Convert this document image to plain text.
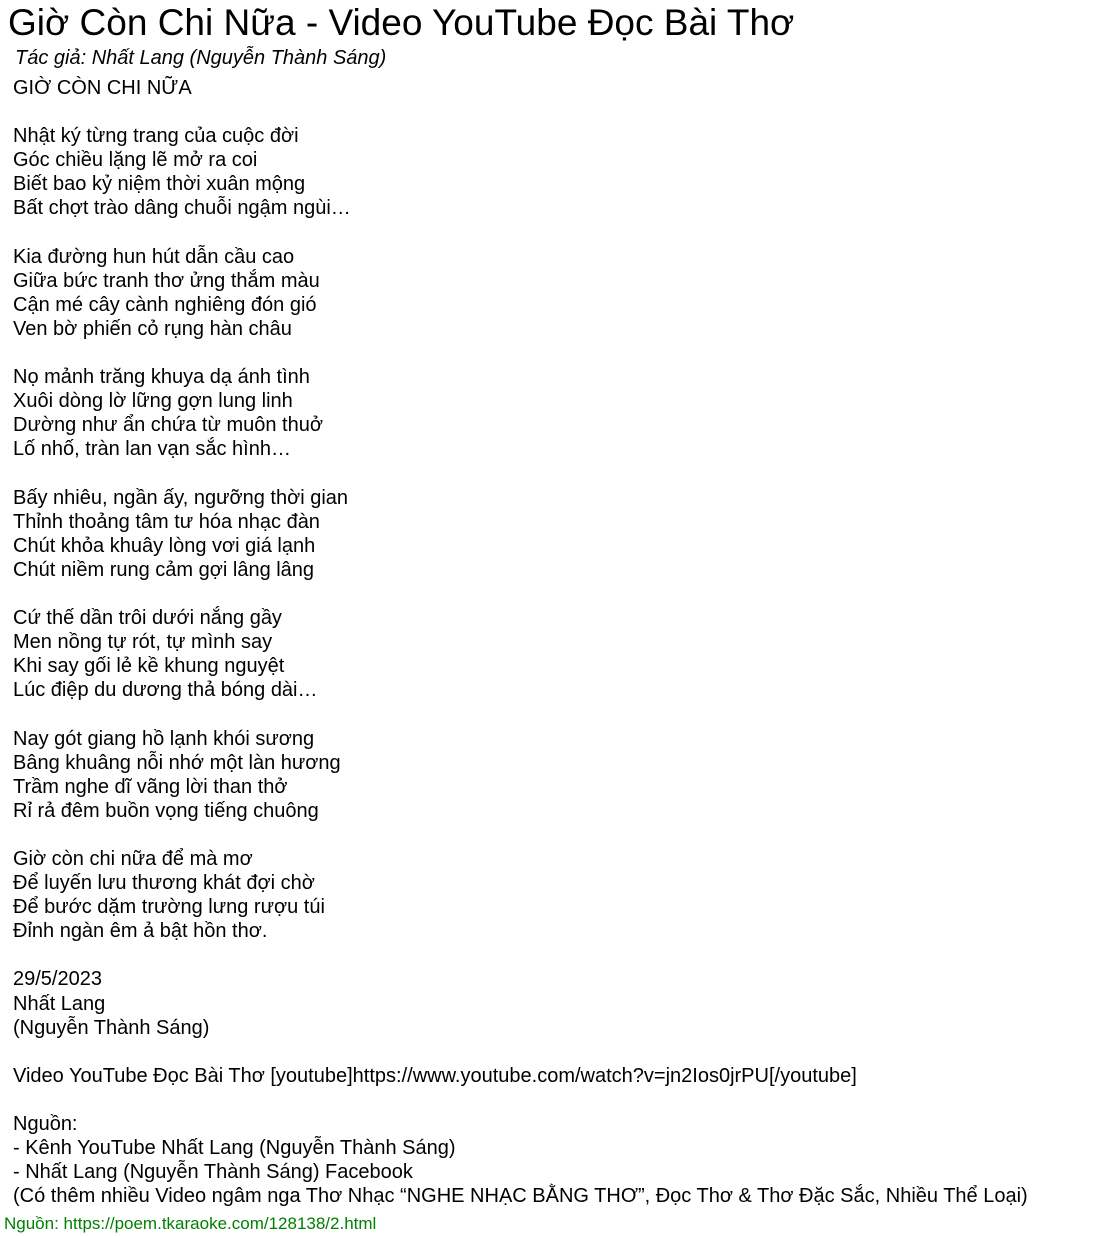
Giờ Còn Chi Nữa - Video YouTube Đọc Bài Thơ
Tác giả: Nhất Lang (Nguyễn Thành Sáng)
GIỜ CÒN CHI NỮA
Nhật ký từng trang của cuộc đời
Góc chiều lặng lẽ mở ra coi
Biết bao kỷ niệm thời xuân mộng
Bất chợt trào dâng chuỗi ngậm ngùi…
Kia đường hun hút dẫn cầu cao
Giữa bức tranh thơ ửng thắm màu
Cận mé cây cành nghiêng đón gió
Ven bờ phiến cỏ rụng hàn châu
Nọ mảnh trăng khuya dạ ánh tình
Xuôi dòng lờ lững gợn lung linh
Dường như ẩn chứa từ muôn thuở
Lố nhố, tràn lan vạn sắc hình…
Bấy nhiêu, ngần ấy, ngưỡng thời gian
Thỉnh thoảng tâm tư hóa nhạc đàn
Chút khỏa khuây lòng vơi giá lạnh
Chút niềm rung cảm gợi lâng lâng
Cứ thế dần trôi dưới nắng gầy
Men nồng tự rót, tự mình say
Khi say gối lẻ kề khung nguyệt
Lúc điệp du dương thả bóng dài…
Nay gót giang hồ lạnh khói sương
Bâng khuâng nỗi nhớ một làn hương
Trầm nghe dĩ vãng lời than thở
Rỉ rả đêm buồn vọng tiếng chuông
Giờ còn chi nữa để mà mơ
Để luyến lưu thương khát đợi chờ
Để bước dặm trường lưng rượu túi
Đỉnh ngàn êm ả bật hồn thơ.
29/5/2023
Nhất Lang
(Nguyễn Thành Sáng)
Video YouTube Đọc Bài Thơ [youtube]https://www.youtube.com/watch?v=jn2Ios0jrPU[/youtube]
Nguồn:
- Kênh YouTube Nhất Lang (Nguyễn Thành Sáng)
- Nhất Lang (Nguyễn Thành Sáng) Facebook
(Có thêm nhiều Video ngâm nga Thơ Nhạc “NGHE NHẠC BẰNG THƠ”, Đọc Thơ & Thơ Đặc Sắc, Nhiều Thể Loại)
Nguồn: https://poem.tkaraoke.com/128138/2.html
